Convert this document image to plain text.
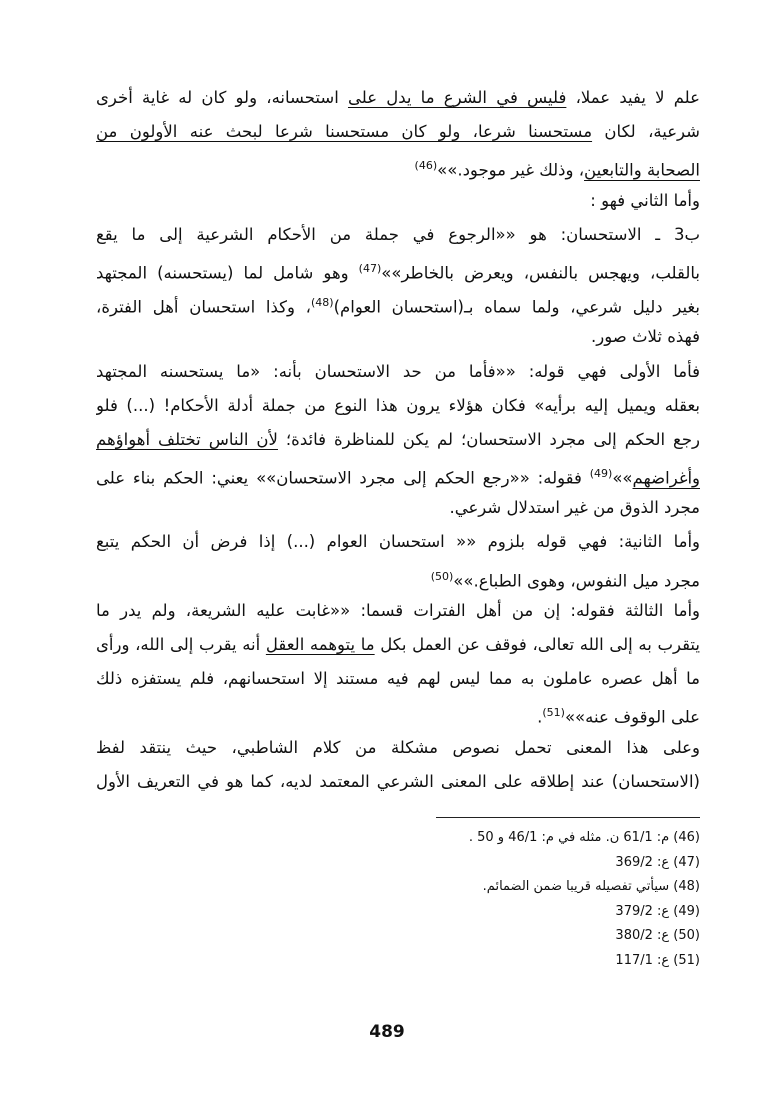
علم لا يفيد عملا، فليس في الشرع ما يدل على استحسانه، ولو كان له غاية أخرى
شرعية، لكان مستحسنا شرعا، ولو كان مستحسنا شرعا لبحث عنه الأولون من
الصحابة والتابعين، وذلك غير موجود.»»$^{(46)}$
وأما الثاني فهو :
ب3 ـ الاستحسان: هو ««الرجوع في جملة من الأحكام الشرعية إلى ما يقع
بالقلب، ويهجس بالنفس، ويعرض بالخاطر»»$^{(47)}$ وهو شامل لما (يستحسنه) المجتهد
بغير دليل شرعي، ولما سماه بـ(استحسان العوام)$^{(48)}$، وكذا استحسان أهل الفترة،
فهذه ثلاث صور.
فأما الأولى فهي قوله: ««فأما من حد الاستحسان بأنه: «ما يستحسنه المجتهد
بعقله ويميل إليه برأيه» فكان هؤلاء يرون هذا النوع من جملة أدلة الأحكام! (...) فلو
رجع الحكم إلى مجرد الاستحسان؛ لم يكن للمناظرة فائدة؛ لأن الناس تختلف أهواؤهم
وأغراضهم»»$^{(49)}$ فقوله: ««رجع الحكم إلى مجرد الاستحسان»» يعني: الحكم بناء على
مجرد الذوق من غير استدلال شرعي.
وأما الثانية: فهي قوله بلزوم «« استحسان العوام (...) إذا فرض أن الحكم يتبع
مجرد ميل النفوس، وهوى الطباع.»»$^{(50)}$
وأما الثالثة فقوله: إن من أهل الفترات قسما: ««غابت عليه الشريعة، ولم يدر ما
يتقرب به إلى الله تعالى، فوقف عن العمل بكل ما يتوهمه العقل أنه يقرب إلى الله، ورأى
ما أهل عصره عاملون به مما ليس لهم فيه مستند إلا استحسانهم، فلم يستفزه ذلك
على الوقوف عنه»»$^{(51)}$.
وعلى هذا المعنى تحمل نصوص مشكلة من كلام الشاطبي، حيث ينتقد لفظ
(الاستحسان) عند إطلاقه على المعنى الشرعي المعتمد لديه، كما هو في التعريف الأول
(46) م: 61/1 ن. مثله في م: 46/1 و 50 .
(47) ع: 369/2
(48) سيأتي تفصيله قريبا ضمن الضمائم.
(49) ع: 379/2
(50) ع: 380/2
(51) ع: 117/1
489
